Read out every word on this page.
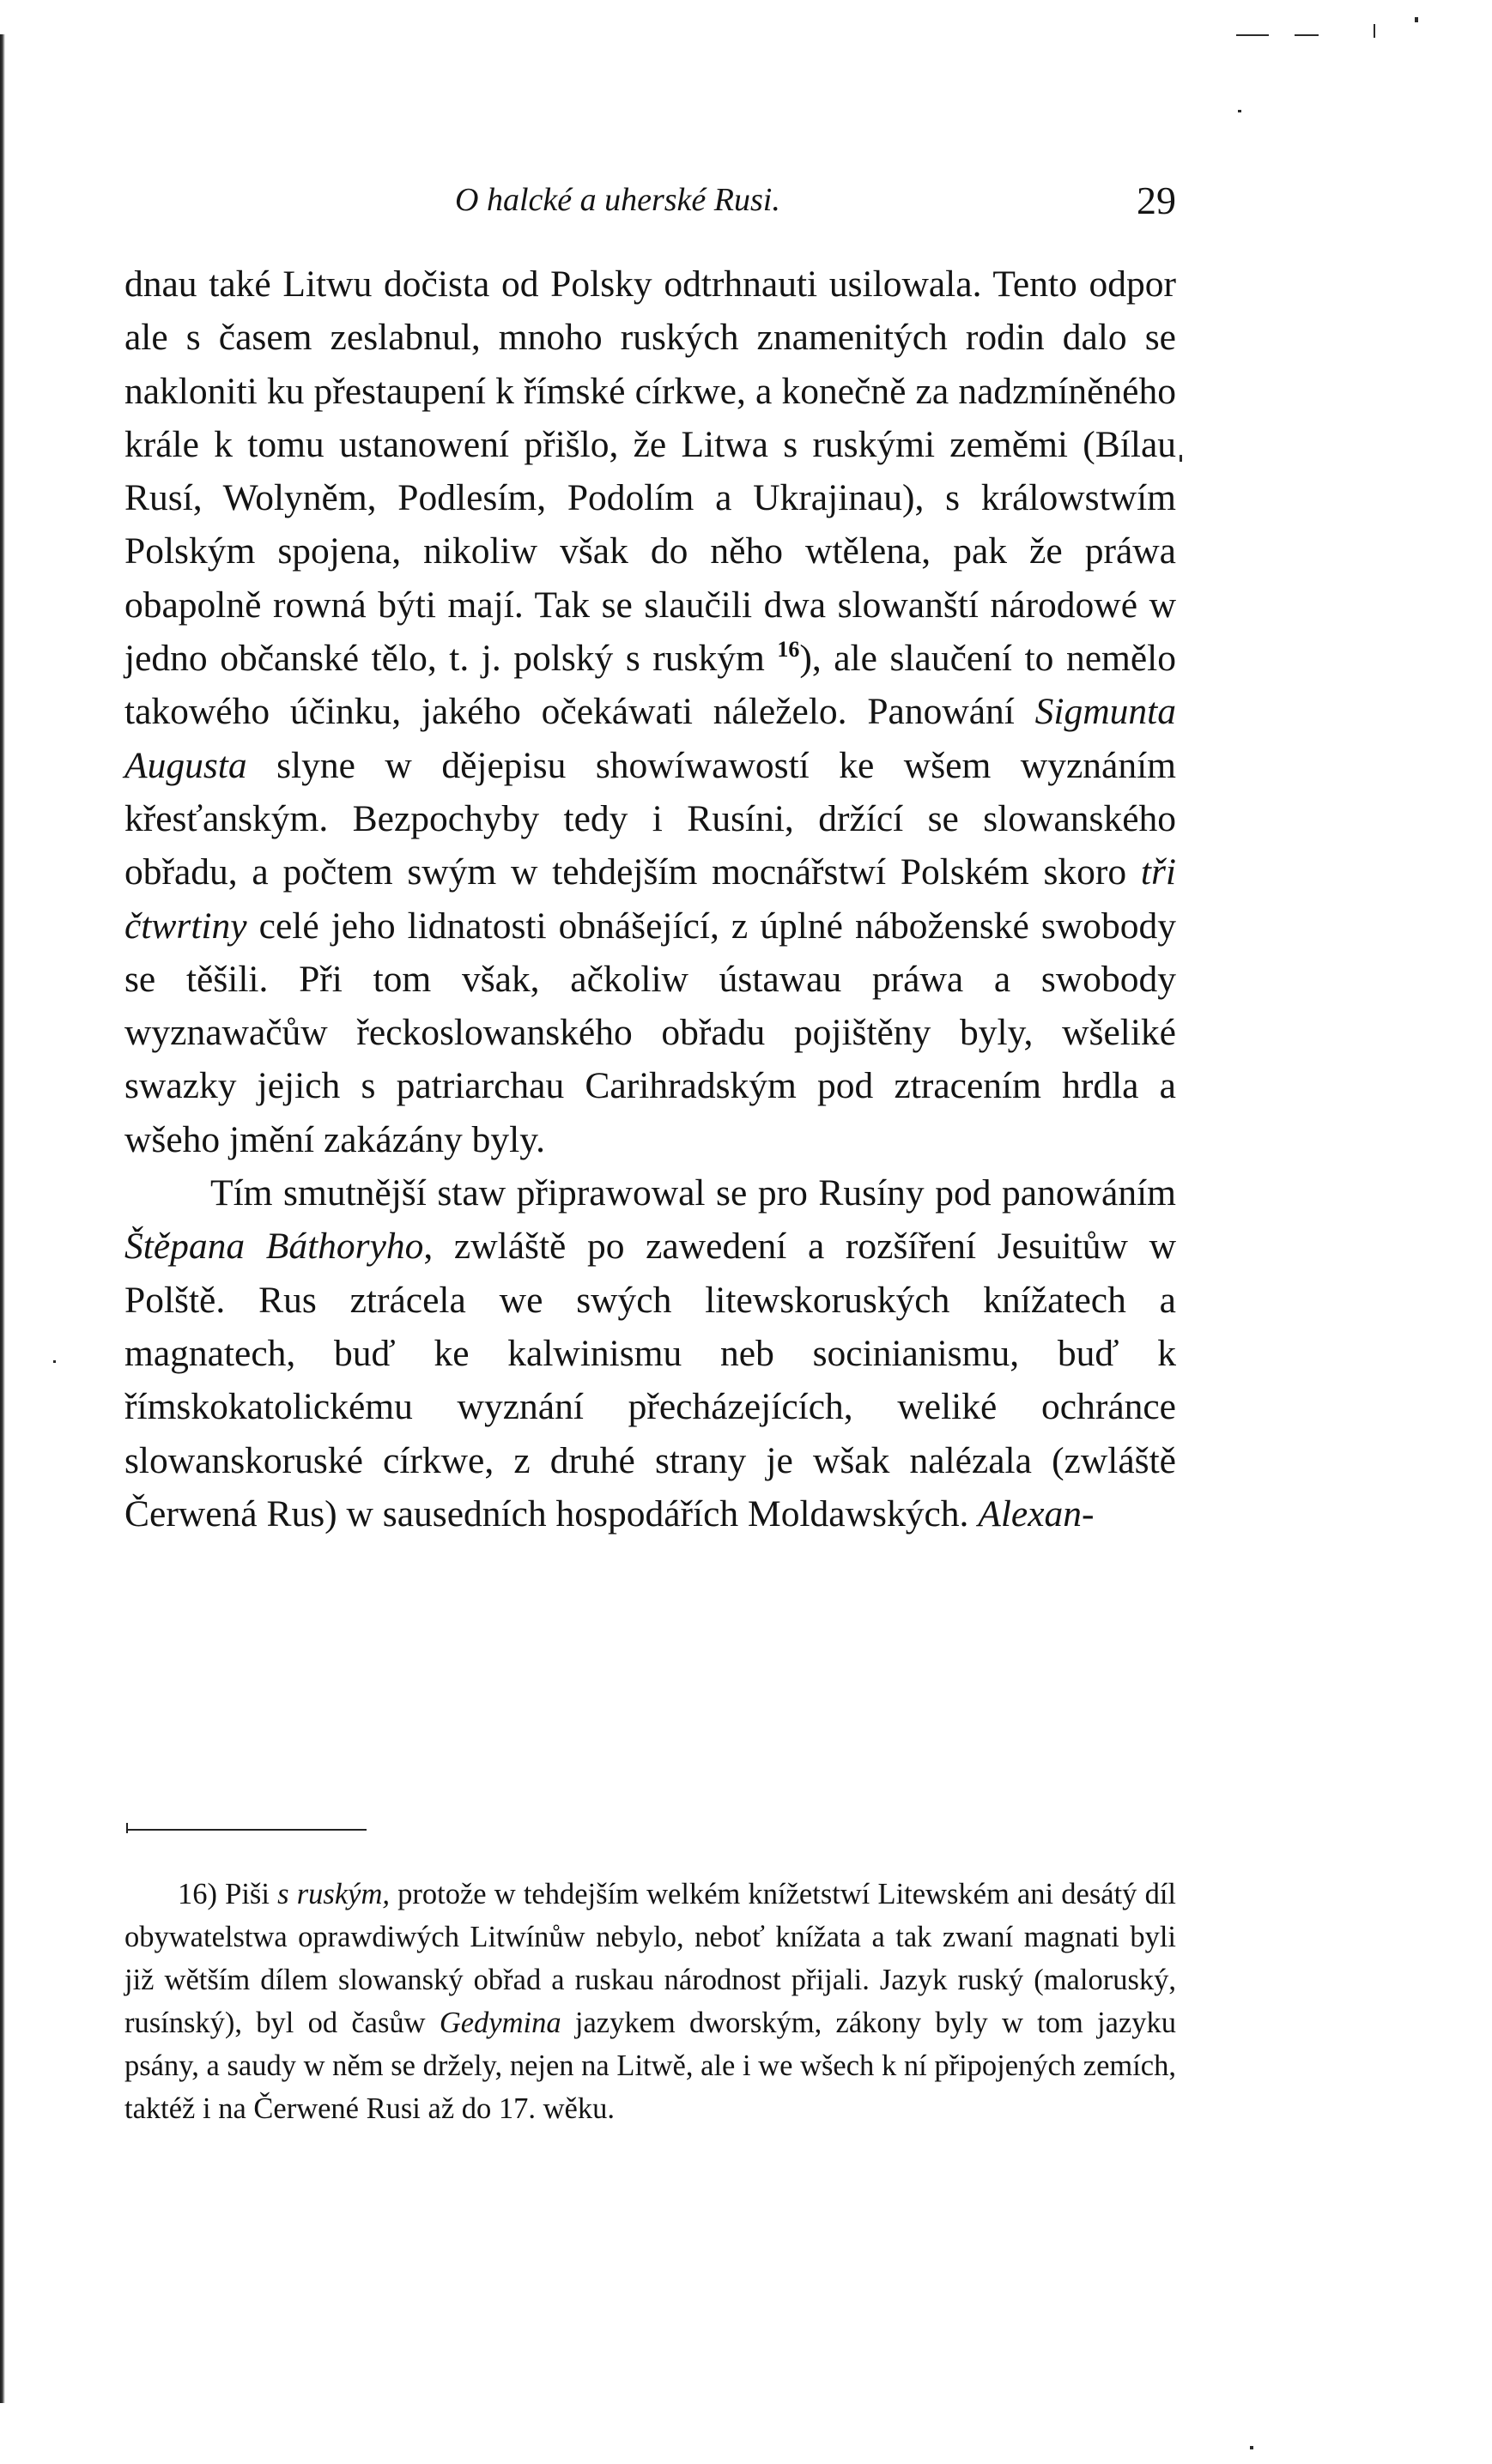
O halcké a uherské Rusi.	29

dnau také Litwu dočista od Polsky odtrhnauti usilowala. Tento odpor ale s časem zeslabnul, mnoho ruských znamenitých rodin dalo se nakloniti ku přestaupení k římské církwe, a konečně za nadzmíněného krále k tomu ustanowení přišlo, že Litwa s ruskými zeměmi (Bílau Rusí, Wolyněm, Podlesím, Podolím a Ukrajinau), s králowstwím Polským spojena, nikoliw však do něho wtělena, pak že práwa obapolně rowná býti mají. Tak se slaučili dwa slowanští národowé w jedno občanské tělo, t. j. polský s ruským $^{16}$), ale slaučení to nemělo takowého účinku, jakého očekáwati náleželo. Panowání Sigmunta Augusta slyne w dějepisu showíwawostí ke wšem wyznáním křesťanským. Bezpochyby tedy i Rusíni, držící se slowanského obřadu, a počtem swým w tehdejším mocnářstwí Polském skoro tři čtwrtiny celé jeho lidnatosti obnášející, z úplné náboženské swobody se těšili. Při tom však, ačkoliw ústawau práwa a swobody wyznawačůw řeckoslowanského obřadu pojištěny byly, wšeliké swazky jejich s patriarchau Carihradským pod ztracením hrdla a wšeho jmění zakázány byly.

Tím smutnější staw připrawowal se pro Rusíny pod panowáním Štěpana Báthoryho, zwláště po zawedení a rozšíření Jesuitůw w Polště. Rus ztrácela we swých litewskoruských knížatech a magnatech, buď ke kalwinismu neb socinianismu, buď k římskokatolickému wyznání přecházejících, weliké ochránce slowanskoruské církwe, z druhé strany je wšak nalézala (zwláště Čerwená Rus) w sausedních hospodářích Moldawských. Alexan-

16) Piši s ruským, protože w tehdejším welkém knížetstwí Litewském ani desátý díl obywatelstwa oprawdiwých Litwínůw nebylo, neboť knížata a tak zwaní magnati byli již wětším dílem slowanský obřad a ruskau národnost přijali. Jazyk ruský (maloruský, rusínský), byl od časůw Gedymina jazykem dworským, zákony byly w tom jazyku psány, a saudy w něm se držely, nejen na Litwě, ale i we wšech k ní připojených zemích, taktéž i na Čerwené Rusi až do 17. wěku.
